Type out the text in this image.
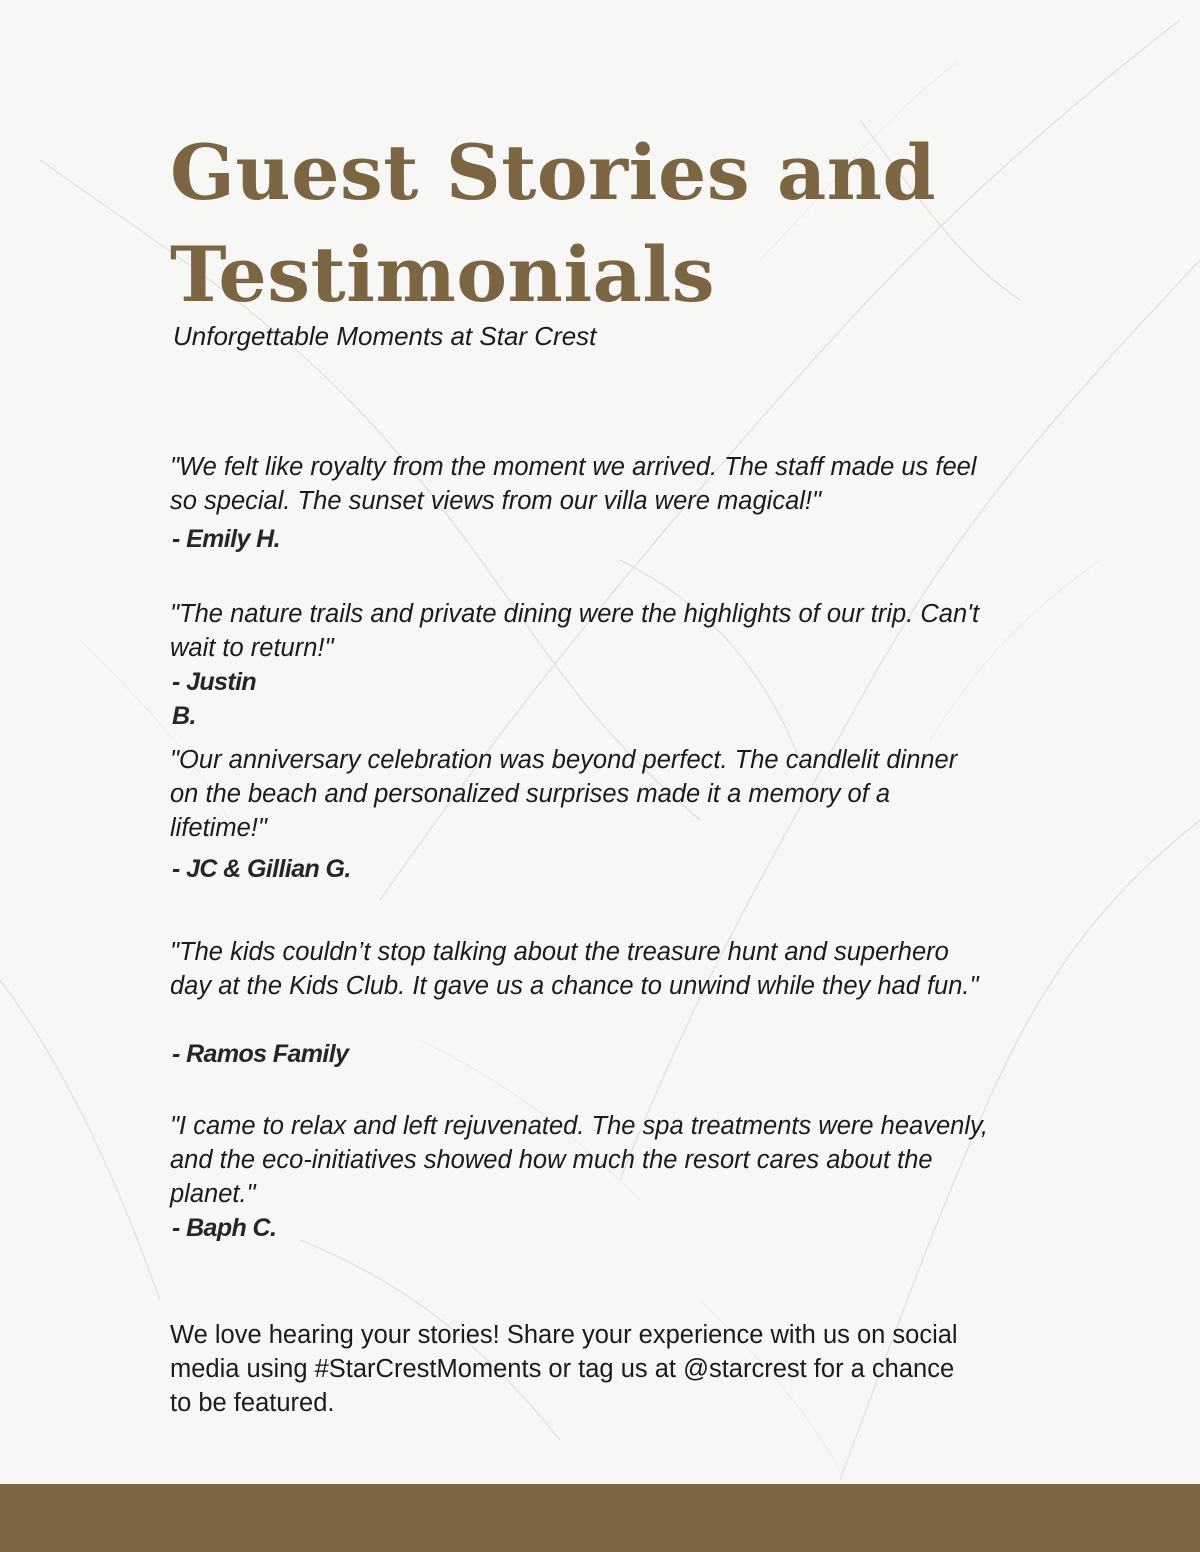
Guest Stories and Testimonials

Unforgettable Moments at Star Crest

"We felt like royalty from the moment we arrived. The staff made us feel so special. The sunset views from our villa were magical!"

- Emily H.

"The nature trails and private dining were the highlights of our trip. Can't wait to return!"

- Justin B.

"Our anniversary celebration was beyond perfect. The candlelit dinner on the beach and personalized surprises made it a memory of a lifetime!"

- JC & Gillian G.

"The kids couldn’t stop talking about the treasure hunt and superhero day at the Kids Club. It gave us a chance to unwind while they had fun."

- Ramos Family

"I came to relax and left rejuvenated. The spa treatments were heavenly, and the eco-initiatives showed how much the resort cares about the planet."

- Baph C.

We love hearing your stories! Share your experience with us on social media using #StarCrestMoments or tag us at @starcrest for a chance to be featured.
